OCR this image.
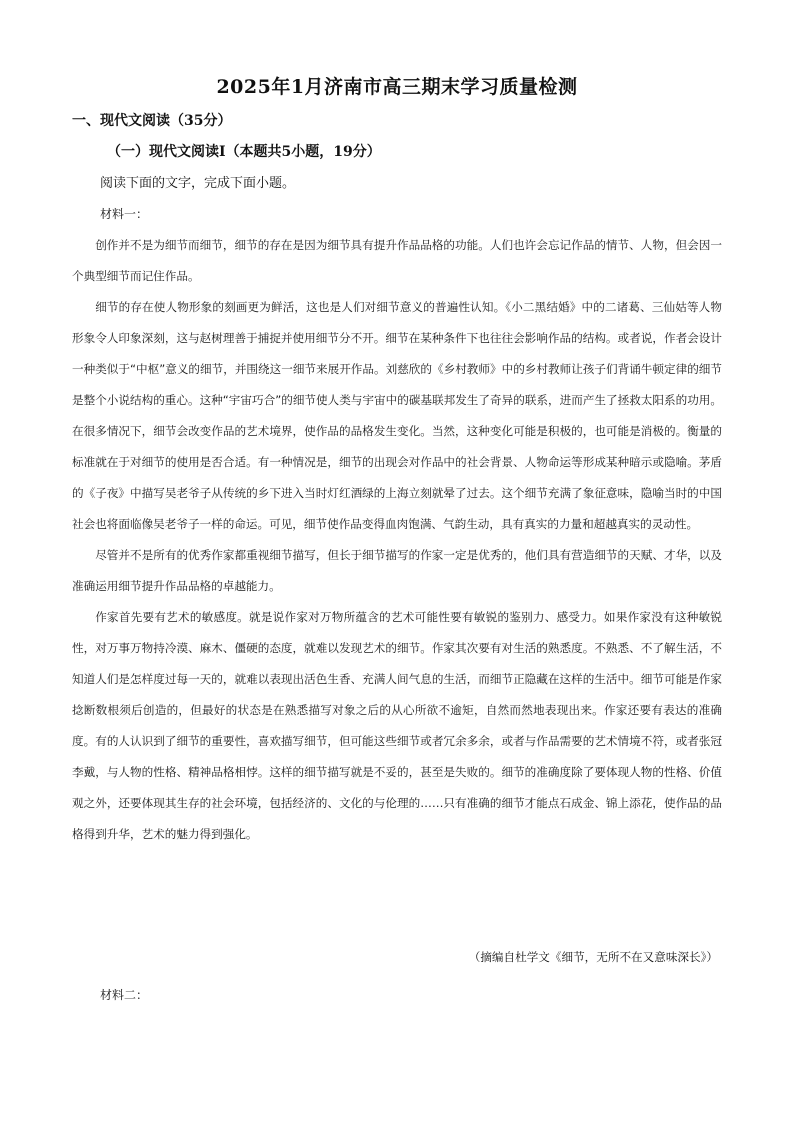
2025年1月济南市高三期末学习质量检测
一、现代文阅读（35分）
（一）现代文阅读Ⅰ（本题共5小题，19分）
阅读下面的文字，完成下面小题。
材料一：

创作并不是为细节而细节，细节的存在是因为细节具有提升作品品格的功能。人们也许会忘记作品的情节、人物，但会因一个典型细节而记住作品。

细节的存在使人物形象的刻画更为鲜活，这也是人们对细节意义的普遍性认知。《小二黑结婚》中的二诸葛、三仙姑等人物形象令人印象深刻，这与赵树理善于捕捉并使用细节分不开。细节在某种条件下也往往会影响作品的结构。或者说，作者会设计一种类似于“中枢”意义的细节，并围绕这一细节来展开作品。刘慈欣的《乡村教师》中的乡村教师让孩子们背诵牛顿定律的细节是整个小说结构的重心。这种“宇宙巧合”的细节使人类与宇宙中的碳基联邦发生了奇异的联系，进而产生了拯救太阳系的功用。在很多情况下，细节会改变作品的艺术境界，使作品的品格发生变化。当然，这种变化可能是积极的，也可能是消极的。衡量的标准就在于对细节的使用是否合适。有一种情况是，细节的出现会对作品中的社会背景、人物命运等形成某种暗示或隐喻。茅盾的《子夜》中描写吴老爷子从传统的乡下进入当时灯红酒绿的上海立刻就晕了过去。这个细节充满了象征意味，隐喻当时的中国社会也将面临像吴老爷子一样的命运。可见，细节使作品变得血肉饱满、气韵生动，具有真实的力量和超越真实的灵动性。

尽管并不是所有的优秀作家都重视细节描写，但长于细节描写的作家一定是优秀的，他们具有营造细节的天赋、才华，以及准确运用细节提升作品品格的卓越能力。

作家首先要有艺术的敏感度。就是说作家对万物所蕴含的艺术可能性要有敏锐的鉴别力、感受力。如果作家没有这种敏锐性，对万事万物持冷漠、麻木、僵硬的态度，就难以发现艺术的细节。作家其次要有对生活的熟悉度。不熟悉、不了解生活，不知道人们是怎样度过每一天的，就难以表现出活色生香、充满人间气息的生活，而细节正隐藏在这样的生活中。细节可能是作家捻断数根须后创造的，但最好的状态是在熟悉描写对象之后的从心所欲不逾矩，自然而然地表现出来。作家还要有表达的准确度。有的人认识到了细节的重要性，喜欢描写细节，但可能这些细节或者冗余多余，或者与作品需要的艺术情境不符，或者张冠李戴，与人物的性格、精神品格相悖。这样的细节描写就是不妥的，甚至是失败的。细节的准确度除了要体现人物的性格、价值观之外，还要体现其生存的社会环境，包括经济的、文化的与伦理的……只有准确的细节才能点石成金、锦上添花，使作品的品格得到升华，艺术的魅力得到强化。

（摘编自杜学文《细节，无所不在又意味深长》）
材料二：
